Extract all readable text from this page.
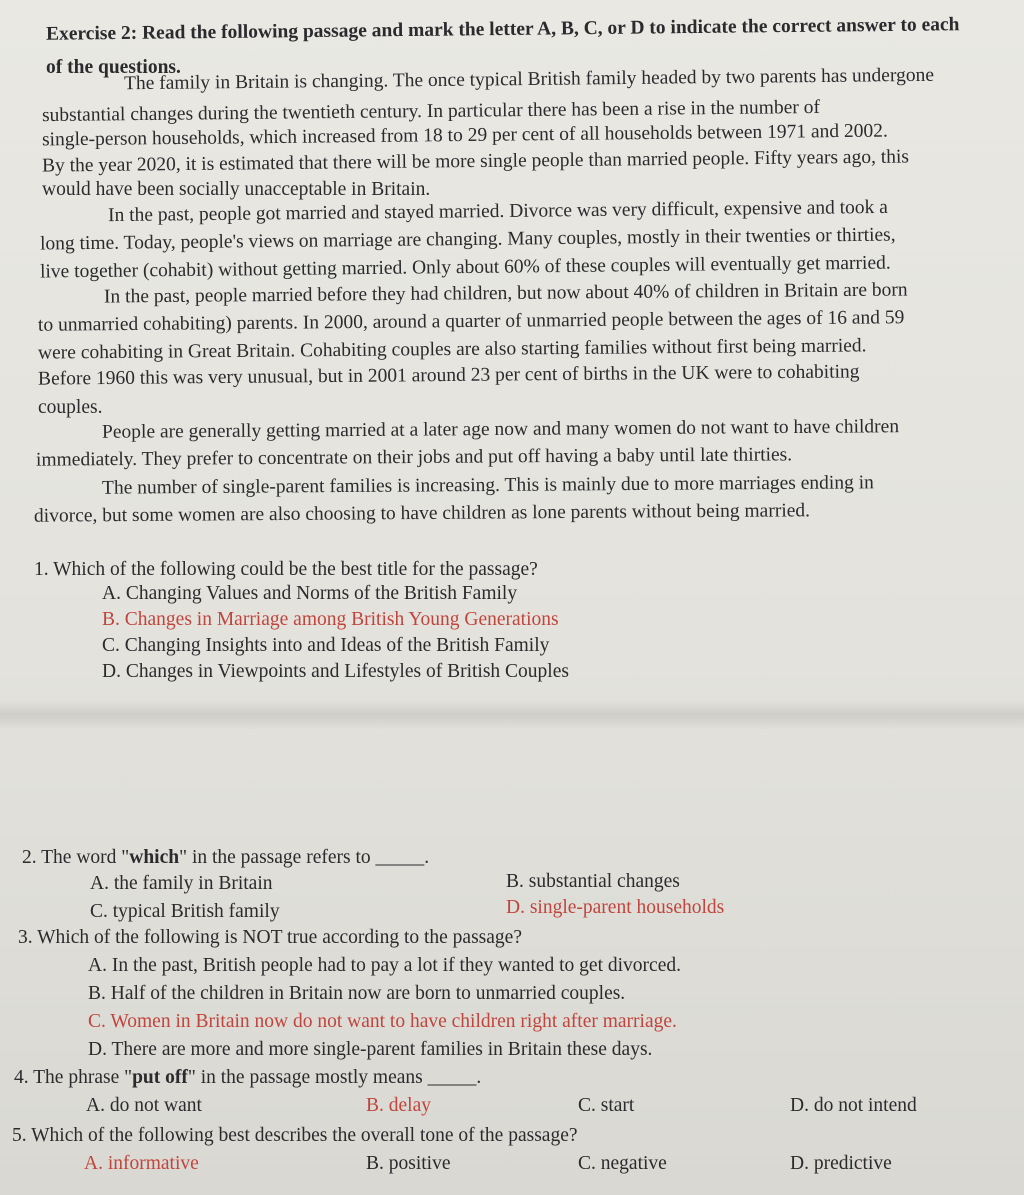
Exercise 2: Read the following passage and mark the letter A, B, C, or D to indicate the correct answer to each
of the questions.
The family in Britain is changing. The once typical British family headed by two parents has undergone
substantial changes during the twentieth century. In particular there has been a rise in the number of
single-person households, which increased from 18 to 29 per cent of all households between 1971 and 2002.
By the year 2020, it is estimated that there will be more single people than married people. Fifty years ago, this
would have been socially unacceptable in Britain.
In the past, people got married and stayed married. Divorce was very difficult, expensive and took a
long time. Today, people's views on marriage are changing. Many couples, mostly in their twenties or thirties,
live together (cohabit) without getting married. Only about 60% of these couples will eventually get married.
In the past, people married before they had children, but now about 40% of children in Britain are born
to unmarried cohabiting) parents. In 2000, around a quarter of unmarried people between the ages of 16 and 59
were cohabiting in Great Britain. Cohabiting couples are also starting families without first being married.
Before 1960 this was very unusual, but in 2001 around 23 per cent of births in the UK were to cohabiting
couples.
People are generally getting married at a later age now and many women do not want to have children
immediately. They prefer to concentrate on their jobs and put off having a baby until late thirties.
The number of single-parent families is increasing. This is mainly due to more marriages ending in
divorce, but some women are also choosing to have children as lone parents without being married.
1. Which of the following could be the best title for the passage?
A. Changing Values and Norms of the British Family
B. Changes in Marriage among British Young Generations
C. Changing Insights into and Ideas of the British Family
D. Changes in Viewpoints and Lifestyles of British Couples
2. The word "which" in the passage refers to _____.
A. the family in Britain	B. substantial changes
C. typical British family	D. single-parent households
3. Which of the following is NOT true according to the passage?
A. In the past, British people had to pay a lot if they wanted to get divorced.
B. Half of the children in Britain now are born to unmarried couples.
C. Women in Britain now do not want to have children right after marriage.
D. There are more and more single-parent families in Britain these days.
4. The phrase "put off" in the passage mostly means _____.
A. do not want	B. delay	C. start	D. do not intend
5. Which of the following best describes the overall tone of the passage?
A. informative	B. positive	C. negative	D. predictive
